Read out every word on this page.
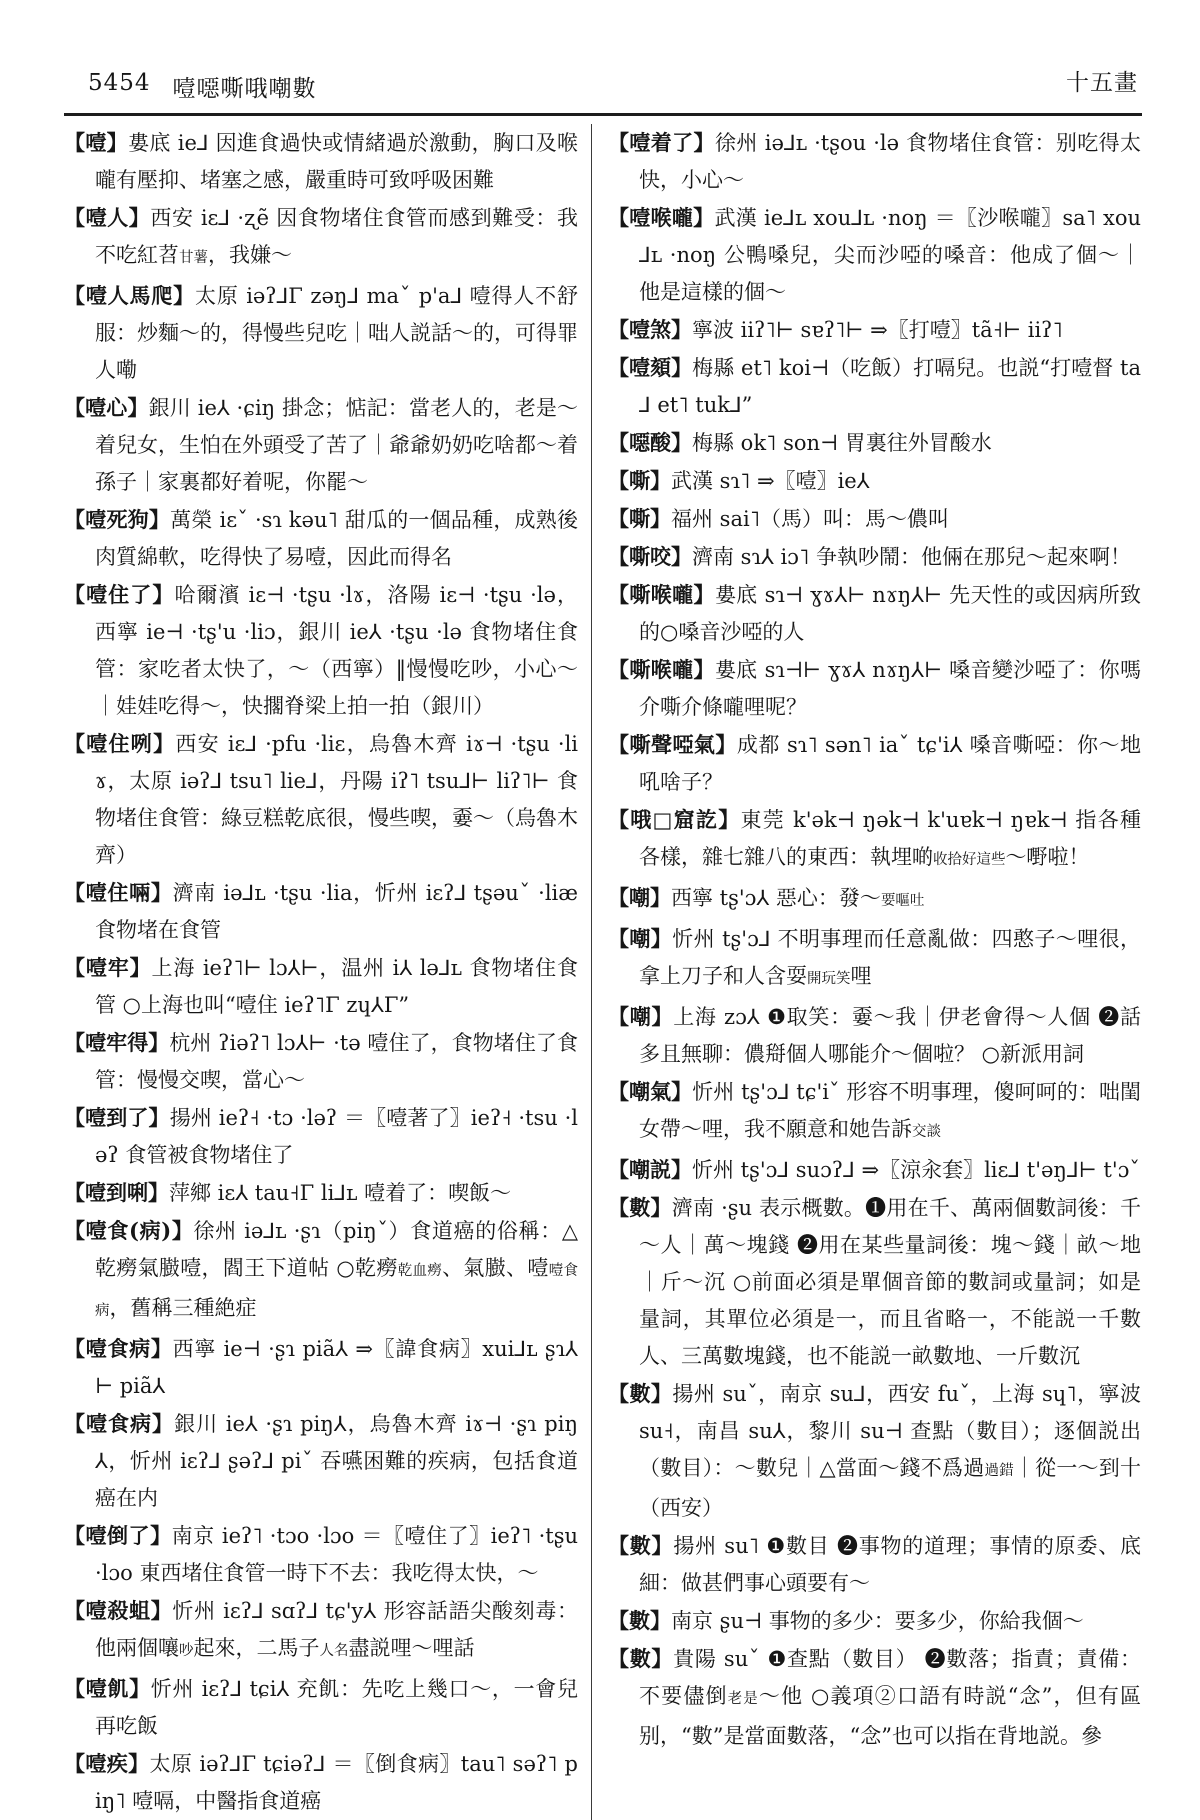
5454 噎噁嘶哦嘲數	十五畫

【噎】婁底 ie⅃ 因進食過快或情緒過於激動，胸口及喉嚨有壓抑、堵塞之感，嚴重時可致呼吸困難

【噎人】西安 iɛ⅃ ·ʐẽ 因食物堵住食管而感到難受：我不吃紅苕甘薯，我嫌～

【噎人馬爬】太原 iəʔ⅃Γ zəŋ⅃ maˇ p'a⅃ 噎得人不舒服：炒麵～的，得慢些兒吃｜咄人説話～的，可得罪人嘞

【噎心】銀川 ie⅄ ·ɕiŋ 掛念；惦記：當老人的，老是～着兒女，生怕在外頭受了苦了｜爺爺奶奶吃啥都～着孫子｜家裏都好着呢，你罷～

【噎死狗】萬榮 iɛˇ ·sɿ kəu˥ 甜瓜的一個品種，成熟後肉質綿軟，吃得快了易噎，因此而得名

【噎住了】哈爾濱 iɛ⊣ ·tʂu ·lɤ，洛陽 iɛ⊣ ·tʂu ·lə，西寧 ie⊣ ·tʂ'u ·liɔ，銀川 ie⅄ ·tʂu ·lə 食物堵住食管：家吃者太快了，～（西寧）‖慢慢吃吵，小心～｜娃娃吃得～，快擱脊梁上拍一拍（銀川）

【噎住咧】西安 iɛ⅃ ·pfu ·liɛ，烏魯木齊 iɤ⊣ ·tʂu ·liɤ，太原 iəʔ⅃ tsu˥ lie⅃，丹陽 iʔ˥ tsu⅃⊢ liʔ˥⊢ 食物堵住食管：綠豆糕乾底很，慢些喫，嫑～（烏魯木齊）

【噎住啢】濟南 iə⅃ʟ ·tʂu ·lia，忻州 iɛʔ⅃ tʂəuˇ ·liæ 食物堵在食管

【噎牢】上海 ieʔ˥⊢ lɔ⅄⊢，温州 i⅄ lə⅃ʟ 食物堵住食管 ○上海也叫“噎住 ieʔ˥Γ zɥ⅄Γ”

【噎牢得】杭州 ʔiəʔ˥ lɔ⅄⊢ ·tə 噎住了，食物堵住了食管：慢慢交喫，當心～

【噎到了】揚州 ieʔ˧ ·tɔ ·ləʔ ＝〖噎著了〗ieʔ˧ ·tsu ·ləʔ 食管被食物堵住了

【噎到唎】萍鄉 iɛ⅄ tau˧Γ li⅃ʟ 噎着了：喫飯～

【噎食(病)】徐州 iə⅃ʟ ·ʂɿ（piŋˇ）食道癌的俗稱：△乾癆氣臌噎，閻王下道帖 ○乾癆乾血癆、氣臌、噎噎食病，舊稱三種絶症

【噎食病】西寧 ie⊣ ·ʂɿ piã⅄ ⇒〖諱食病〗xui⅃ʟ ʂɿ⅄⊢ piã⅄

【噎食病】銀川 ie⅄ ·ʂɿ piŋ⅄，烏魯木齊 iɤ⊣ ·ʂɿ piŋ⅄，忻州 iɛʔ⅃ ʂəʔ⅃ piˇ 吞嚥困難的疾病，包括食道癌在内

【噎倒了】南京 ieʔ˥ ·tɔo ·lɔo ＝〖噎住了〗ieʔ˥ ·tʂu ·lɔo 東西堵住食管一時下不去：我吃得太快，～

【噎殺蛆】忻州 iɛʔ⅃ sɑʔ⅃ tɕ'y⅄ 形容話語尖酸刻毒：他兩個嚷吵起來，二馬子人名盡説哩～哩話

【噎飢】忻州 iɛʔ⅃ tɕi⅄ 充飢：先吃上幾口～，一會兒再吃飯

【噎疾】太原 iəʔ⅃Γ tɕiəʔ⅃ ＝〖倒食病〗tau˥ səʔ˥ piŋ˥ 噎嗝，中醫指食道癌

【噎着了】徐州 iə⅃ʟ ·tʂou ·lə 食物堵住食管：别吃得太快，小心～

【噎喉嚨】武漢 ie⅃ʟ xou⅃ʟ ·noŋ ＝〖沙喉嚨〗sa˥ xou⅃ʟ ·noŋ 公鴨嗓兒，尖而沙啞的嗓音：他成了個～｜他是這樣的個～

【噎煞】寧波 iiʔ˥⊢ sɐʔ˥⊢ ⇒〖打噎〗tã˧⊢ iiʔ˥

【噎頦】梅縣 et˥ koi⊣（吃飯）打嗝兒。也説“打噎督 ta⅃ et˥ tuk⅃”

【噁酸】梅縣 ok˥ son⊣ 胃裏往外冒酸水

【嘶】武漢 sɿ˥ ⇒〖噎〗ie⅄

【嘶】福州 sai˥（馬）叫：馬～儂叫

【嘶咬】濟南 sɿ⅄ iɔ˥ 争執吵鬧：他倆在那兒～起來啊！

【嘶喉嚨】婁底 sɿ⊣ ɣɤ⅄⊢ nɤŋ⅄⊢ 先天性的或因病所致的○嗓音沙啞的人

【嘶喉嚨】婁底 sɿ⊣⊢ ɣɤ⅄ nɤŋ⅄⊢ 嗓音變沙啞了：你嗎介嘶介條嚨哩呢？

【嘶聲啞氣】成都 sɿ˥ sən˥ iaˇ tɕ'i⅄ 嗓音嘶啞：你～地吼啥子？

【哦□窟訖】東莞 k'ək⊣ ŋək⊣ k'uɐk⊣ ŋɐk⊣ 指各種各樣，雜七雜八的東西：執埋啲收拾好這些～嘢啦！

【嘲】西寧 tʂ'ɔ⅄ 惡心：發～要嘔吐

【嘲】忻州 tʂ'ɔ⅃ 不明事理而任意亂做：四憨子～哩很，拿上刀子和人含耍開玩笑哩

【嘲】上海 zɔ⅄ ❶取笑：嫑～我｜伊老會得～人個 ❷話多且無聊：儂搿個人哪能介～個啦？ ○新派用詞

【嘲氣】忻州 tʂ'ɔ⅃ tɕ'iˇ 形容不明事理，傻呵呵的：咄閨女帶～哩，我不願意和她告訴交談

【嘲説】忻州 tʂ'ɔ⅃ suɔʔ⅃ ⇒〖涼汆套〗liɛ⅃ t'əŋ⅃⊢ t'ɔˇ

【數】濟南 ·ʂu 表示概數。❶用在千、萬兩個數詞後：千～人｜萬～塊錢 ❷用在某些量詞後：塊～錢｜畝～地｜斤～沉 ○前面必須是單個音節的數詞或量詞；如是量詞，其單位必須是一，而且省略一，不能説一千數人、三萬數塊錢，也不能説一畝數地、一斤數沉

【數】揚州 suˇ，南京 su⅃，西安 fuˇ，上海 sɥ˥，寧波 su˧，南昌 su⅄，黎川 su⊣ 查點（數目）；逐個説出（數目）：～數兒｜△當面～錢不爲過過錯｜從一～到十（西安）

【數】揚州 su˥ ❶數目 ❷事物的道理；事情的原委、底細：做甚們事心頭要有～

【數】南京 ʂu⊣ 事物的多少：要多少，你給我個～

【數】貴陽 suˇ ❶查點（數目） ❷數落；指責；責備：不要儘倒老是～他 ○義項②口語有時説“念”，但有區别，“數”是當面數落，“念”也可以指在背地説。參
